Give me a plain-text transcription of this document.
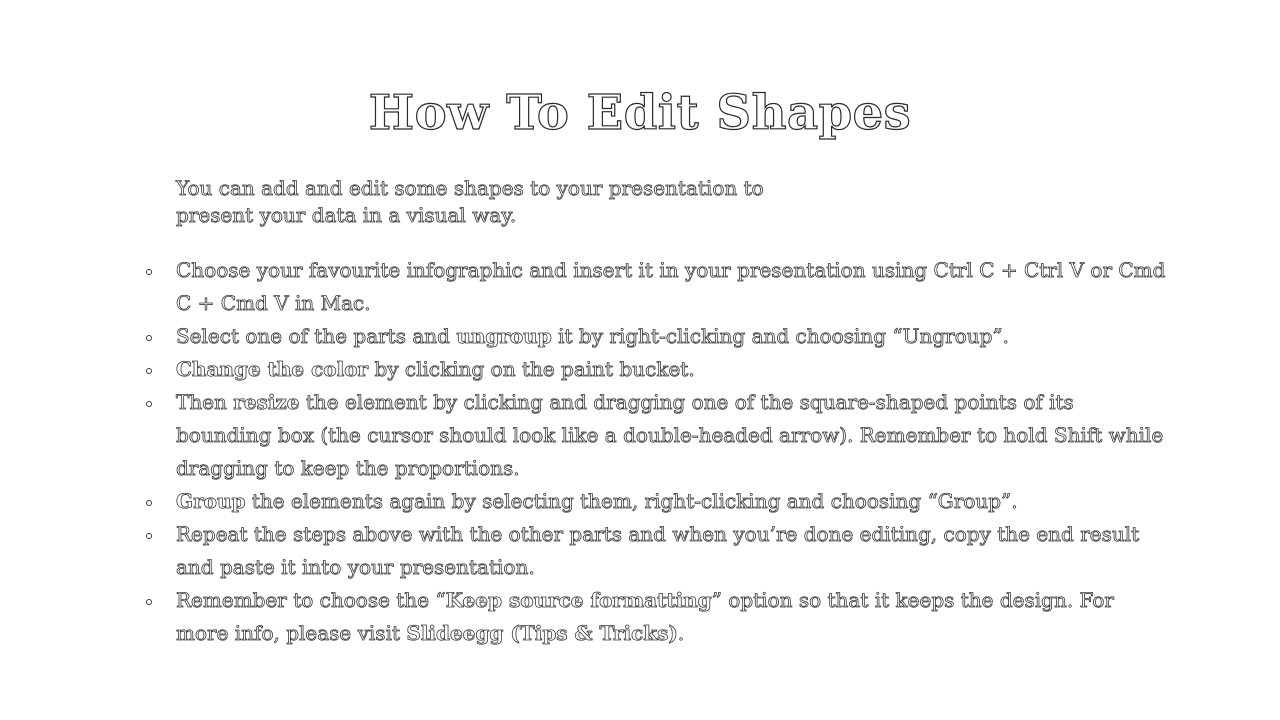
How To Edit Shapes
You can add and edit some shapes to your presentation to
present your data in a visual way.
Choose your favourite infographic and insert it in your presentation using Ctrl C + Ctrl V or Cmd C + Cmd V in Mac.
Select one of the parts and ungroup it by right-clicking and choosing “Ungroup”.
Change the color by clicking on the paint bucket.
Then resize the element by clicking and dragging one of the square-shaped points of its bounding box (the cursor should look like a double-headed arrow). Remember to hold Shift while dragging to keep the proportions.
Group the elements again by selecting them, right-clicking and choosing “Group”.
Repeat the steps above with the other parts and when you’re done editing, copy the end result and paste it into your presentation.
Remember to choose the “Keep source formatting” option so that it keeps the design. For more info, please visit Slideegg (Tips & Tricks).
